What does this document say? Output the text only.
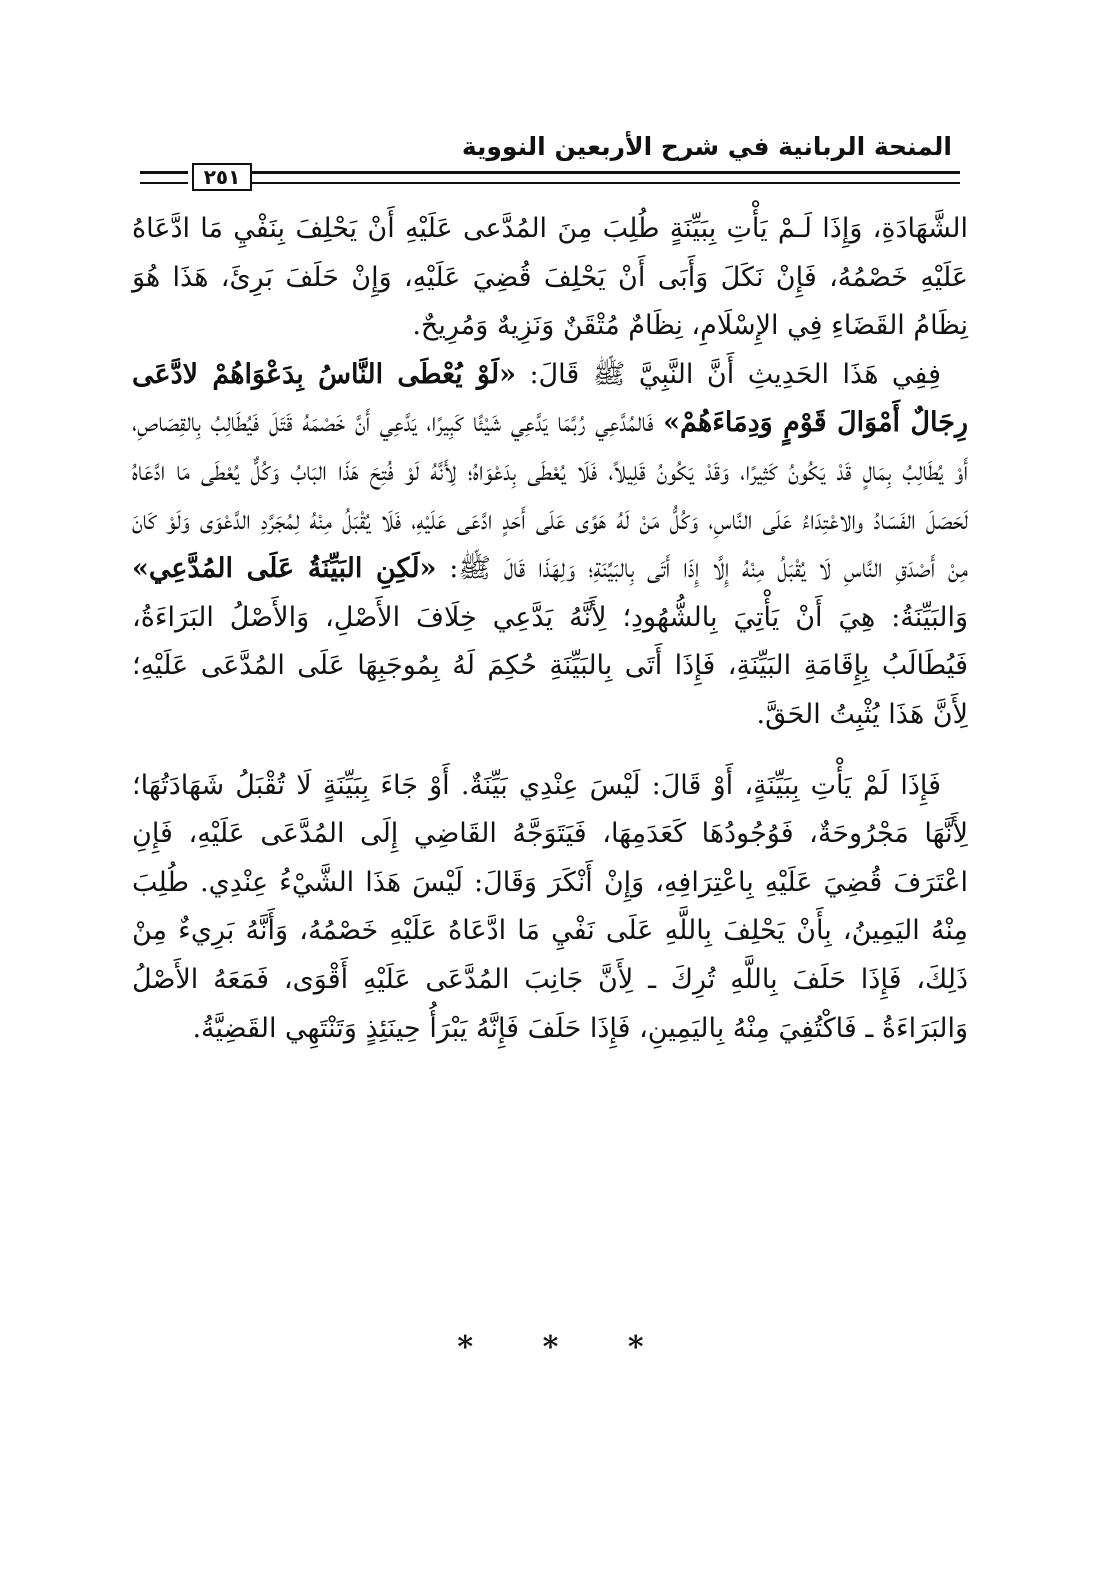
المنحة الربانية في شرح الأربعين النووية
٢٥١

الشَّهَادَةِ، وَإِذَا لَـمْ يَأْتِ بِبَيِّنَةٍ طُلِبَ مِنَ المُدَّعى عَلَيْهِ أَنْ يَحْلِفَ بِنَفْيِ مَا ادَّعَاهُ عَلَيْهِ خَصْمُهُ، فَإِنْ نَكَلَ وَأَبَى أَنْ يَحْلِفَ قُضِيَ عَلَيْهِ، وَإِنْ حَلَفَ بَرِئَ، هَذَا هُوَ نِظَامُ القَضَاءِ فِي الإِسْلَامِ، نِظَامٌ مُتْقَنٌ وَنَزِيهٌ وَمُرِيحٌ.

 فِفِي هَذَا الحَدِيثِ أَنَّ النَّبِيَّ ﷺ قَالَ: «لَوْ يُعْطَى النَّاسُ بِدَعْوَاهُمْ لادَّعَى رِجَالٌ أَمْوَالَ قَوْمٍ وَدِمَاءَهُمْ» فَالمُدَّعِي رُبَّمَا يَدَّعِي شَيْئًا كَبِيرًا، يَدَّعِي أَنَّ خَصْمَهُ قَتَلَ فَيُطَالِبُ بِالقِصَاصِ، أَوْ يُطَالِبُ بِمَالٍ قَدْ يَكُونُ كَثِيرًا، وَقَدْ يَكُونُ قَلِيلاً، فَلَا يُعْطَى بِدَعْوَاهُ؛ لِأَنَّهُ لَوْ فُتِحَ هَذَا البَابُ وَكُلٌّ يُعْطَى مَا ادَّعَاهُ لَحَصَلَ الفَسَادُ والاعْتِدَاءُ عَلَى النَّاسِ، وَكُلُّ مَنْ لَهُ هَوًى عَلَى أَحَدٍ ادَّعَى عَلَيْهِ، فَلَا يُقْبَلُ مِنْهُ لِمُجَرَّدِ الدَّعْوَى وَلَوْ كَانَ مِنْ أَصْدَقِ النَّاسِ لَا يُقْبَلُ مِنْهُ إِلَّا إِذَا أَتَى بِالبَيِّنَةِ؛ وَلِهَذَا قَالَ ﷺ: «لَكِنِ البَيِّنَةُ عَلَى المُدَّعِي» وَالبَيِّنَةُ: هِيَ أَنْ يَأْتِيَ بِالشُّهُودِ؛ لِأَنَّهُ يَدَّعِي خِلَافَ الأَصْلِ، وَالأَصْلُ البَرَاءَةُ، فَيُطَالَبُ بِإِقَامَةِ البَيِّنَةِ، فَإِذَا أَتَى بِالبَيِّنَةِ حُكِمَ لَهُ بِمُوجَبِهَا عَلَى المُدَّعَى عَلَيْهِ؛ لِأَنَّ هَذَا يُثْبِتُ الحَقَّ.

 فَإِذَا لَمْ يَأْتِ بِبَيِّنَةٍ، أَوْ قَالَ: لَيْسَ عِنْدِي بَيِّنَةٌ. أَوْ جَاءَ بِبَيِّنَةٍ لَا تُقْبَلُ شَهَادَتُهَا؛ لِأَنَّهَا مَجْرُوحَةٌ، فَوُجُودُهَا كَعَدَمِهَا، فَيَتَوَجَّهُ القَاضِي إِلَى المُدَّعَى عَلَيْهِ، فَإِنِ اعْتَرَفَ قُضِيَ عَلَيْهِ بِاعْتِرَافِهِ، وَإِنْ أَنْكَرَ وَقَالَ: لَيْسَ هَذَا الشَّيْءُ عِنْدِي. طُلِبَ مِنْهُ اليَمِينُ، بِأَنْ يَحْلِفَ بِاللَّهِ عَلَى نَفْيِ مَا ادَّعَاهُ عَلَيْهِ خَصْمُهُ، وَأَنَّهُ بَرِيءٌ مِنْ ذَلِكَ، فَإِذَا حَلَفَ بِاللَّهِ تُرِكَ ـ لِأَنَّ جَانِبَ المُدَّعَى عَلَيْهِ أَقْوَى، فَمَعَهُ الأَصْلُ وَالبَرَاءَةُ ـ فَاكْتُفِيَ مِنْهُ بِاليَمِينِ، فَإِذَا حَلَفَ فَإِنَّهُ يَبْرَأُ حِينَئِذٍ وَتَنْتَهِي القَضِيَّةُ.

* * *
